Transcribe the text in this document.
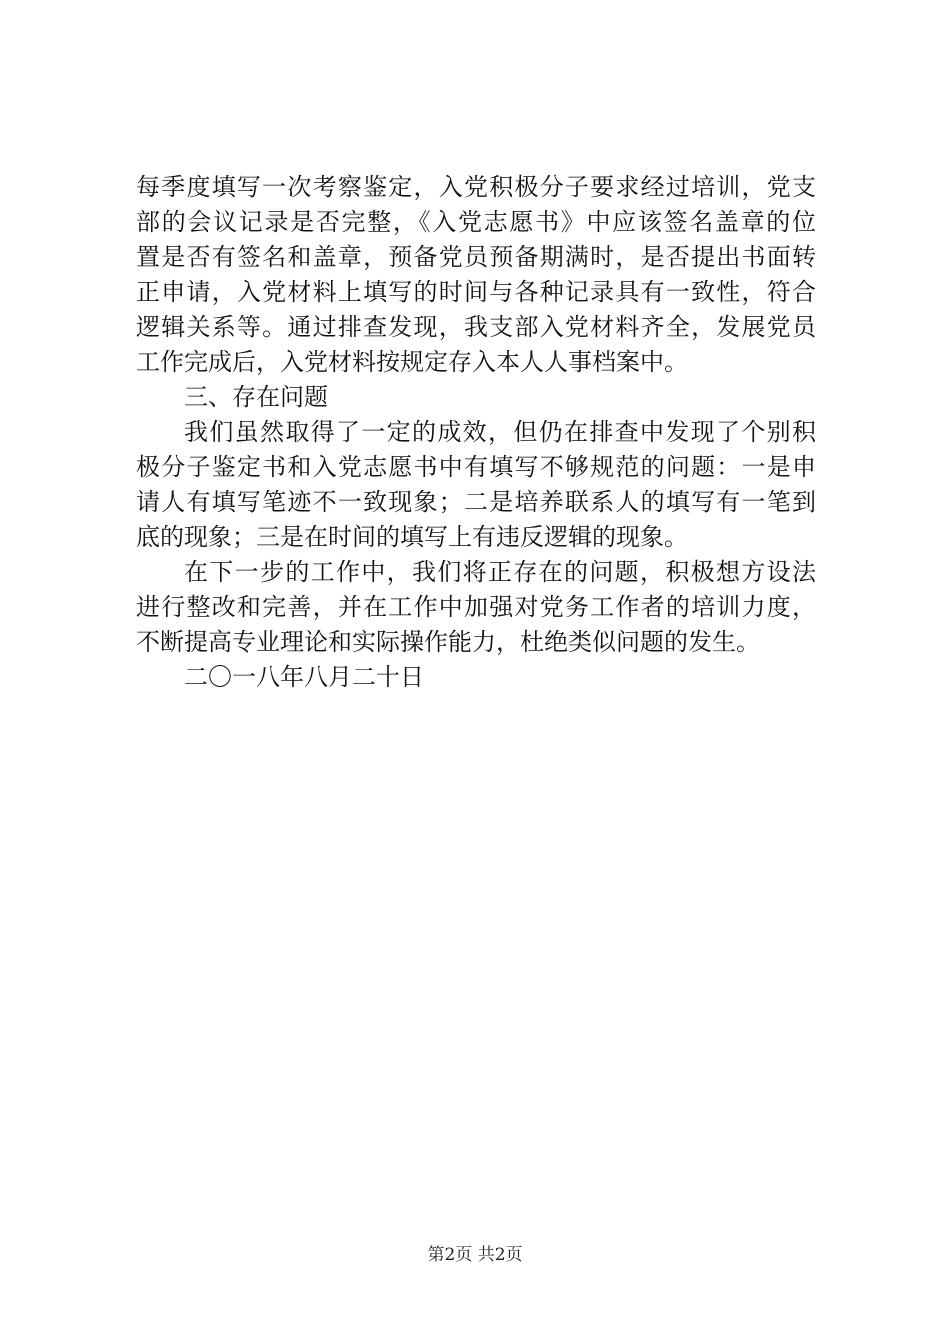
每季度填写一次考察鉴定，入党积极分子要求经过培训，党支
部的会议记录是否完整，《入党志愿书》中应该签名盖章的位
置是否有签名和盖章，预备党员预备期满时，是否提出书面转
正申请，入党材料上填写的时间与各种记录具有一致性，符合
逻辑关系等。通过排查发现，我支部入党材料齐全，发展党员
工作完成后，入党材料按规定存入本人人事档案中。
三、存在问题
我们虽然取得了一定的成效，但仍在排查中发现了个别积
极分子鉴定书和入党志愿书中有填写不够规范的问题：一是申
请人有填写笔迹不一致现象；二是培养联系人的填写有一笔到
底的现象；三是在时间的填写上有违反逻辑的现象。
在下一步的工作中，我们将正存在的问题，积极想方设法
进行整改和完善，并在工作中加强对党务工作者的培训力度，
不断提高专业理论和实际操作能力，杜绝类似问题的发生。
二〇一八年八月二十日
第2页 共2页
